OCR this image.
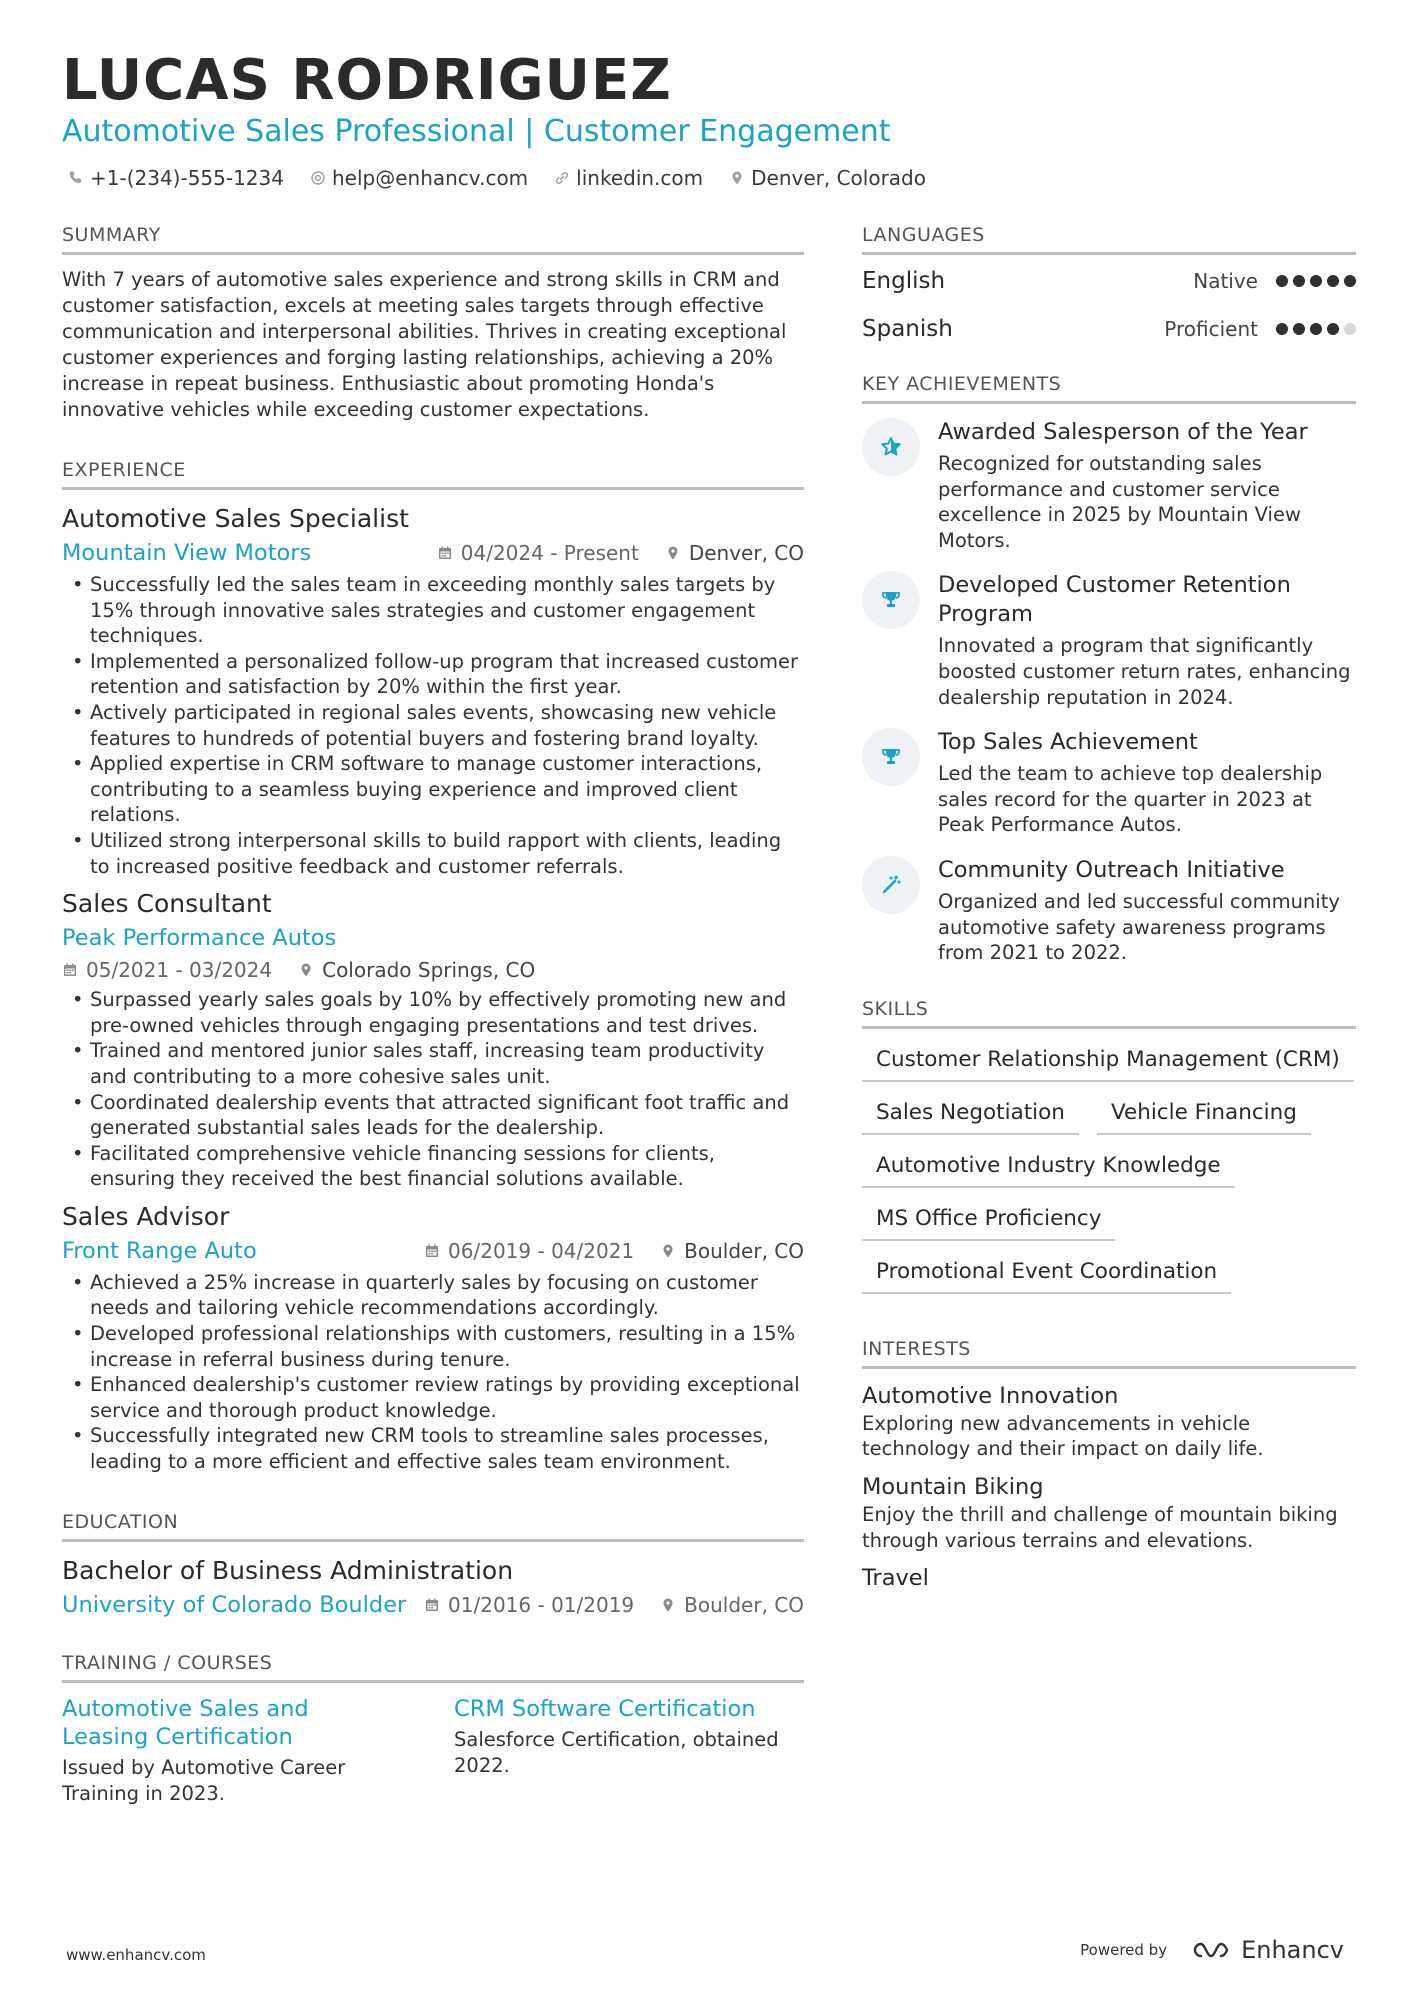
LUCAS RODRIGUEZ
Automotive Sales Professional | Customer Engagement
+1-(234)-555-1234 help@enhancv.com linkedin.com Denver, Colorado
SUMMARY
With 7 years of automotive sales experience and strong skills in CRM and customer satisfaction, excels at meeting sales targets through effective communication and interpersonal abilities. Thrives in creating exceptional customer experiences and forging lasting relationships, achieving a 20% increase in repeat business. Enthusiastic about promoting Honda's innovative vehicles while exceeding customer expectations.
EXPERIENCE
Automotive Sales Specialist
Mountain View Motors	04/2024 - Present	Denver, CO
• Successfully led the sales team in exceeding monthly sales targets by 15% through innovative sales strategies and customer engagement techniques.
• Implemented a personalized follow-up program that increased customer retention and satisfaction by 20% within the first year.
• Actively participated in regional sales events, showcasing new vehicle features to hundreds of potential buyers and fostering brand loyalty.
• Applied expertise in CRM software to manage customer interactions, contributing to a seamless buying experience and improved client relations.
• Utilized strong interpersonal skills to build rapport with clients, leading to increased positive feedback and customer referrals.
Sales Consultant
Peak Performance Autos
05/2021 - 03/2024	Colorado Springs, CO
• Surpassed yearly sales goals by 10% by effectively promoting new and pre-owned vehicles through engaging presentations and test drives.
• Trained and mentored junior sales staff, increasing team productivity and contributing to a more cohesive sales unit.
• Coordinated dealership events that attracted significant foot traffic and generated substantial sales leads for the dealership.
• Facilitated comprehensive vehicle financing sessions for clients, ensuring they received the best financial solutions available.
Sales Advisor
Front Range Auto	06/2019 - 04/2021	Boulder, CO
• Achieved a 25% increase in quarterly sales by focusing on customer needs and tailoring vehicle recommendations accordingly.
• Developed professional relationships with customers, resulting in a 15% increase in referral business during tenure.
• Enhanced dealership's customer review ratings by providing exceptional service and thorough product knowledge.
• Successfully integrated new CRM tools to streamline sales processes, leading to a more efficient and effective sales team environment.
EDUCATION
Bachelor of Business Administration
University of Colorado Boulder 01/2016 - 01/2019	Boulder, CO
TRAINING / COURSES
Automotive Sales and Leasing Certification
Issued by Automotive Career Training in 2023.
CRM Software Certification
Salesforce Certification, obtained 2022.
LANGUAGES
English	Native
Spanish	Proficient
KEY ACHIEVEMENTS
Awarded Salesperson of the Year
Recognized for outstanding sales performance and customer service excellence in 2025 by Mountain View Motors.
Developed Customer Retention Program
Innovated a program that significantly boosted customer return rates, enhancing dealership reputation in 2024.
Top Sales Achievement
Led the team to achieve top dealership sales record for the quarter in 2023 at Peak Performance Autos.
Community Outreach Initiative
Organized and led successful community automotive safety awareness programs from 2021 to 2022.
SKILLS
Customer Relationship Management (CRM)
Sales Negotiation	Vehicle Financing
Automotive Industry Knowledge
MS Office Proficiency
Promotional Event Coordination
INTERESTS
Automotive Innovation
Exploring new advancements in vehicle technology and their impact on daily life.
Mountain Biking
Enjoy the thrill and challenge of mountain biking through various terrains and elevations.
Travel
www.enhancv.com	Powered by	Enhancv
